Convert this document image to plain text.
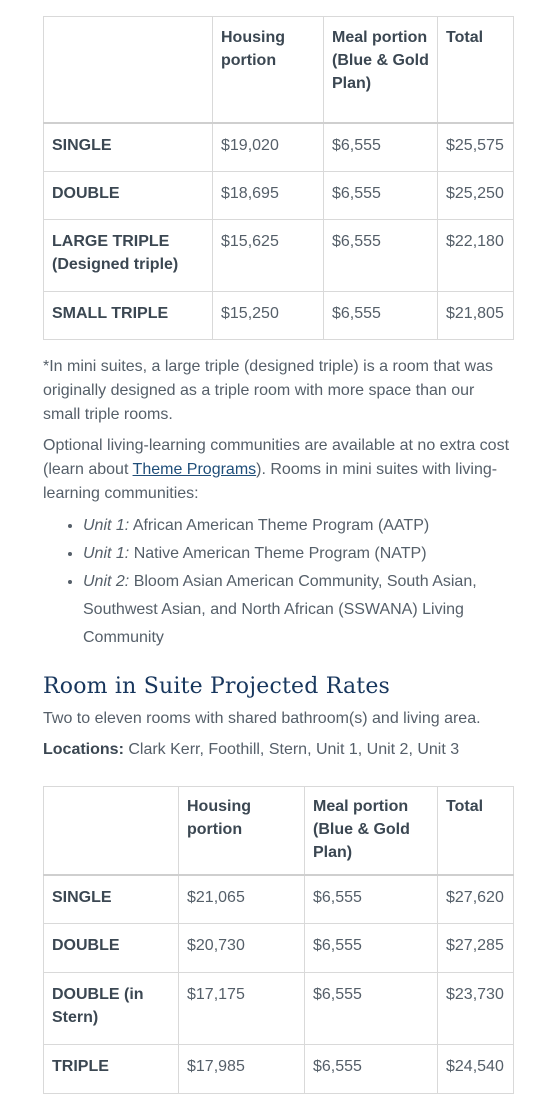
	Housing portion	Meal portion (Blue & Gold Plan)	Total
SINGLE	$19,020	$6,555	$25,575
DOUBLE	$18,695	$6,555	$25,250
LARGE TRIPLE (Designed triple)	$15,625	$6,555	$22,180
SMALL TRIPLE	$15,250	$6,555	$21,805

*In mini suites, a large triple (designed triple) is a room that was originally designed as a triple room with more space than our small triple rooms.

Optional living-learning communities are available at no extra cost (learn about Theme Programs). Rooms in mini suites with living-learning communities:

• Unit 1: African American Theme Program (AATP)
• Unit 1: Native American Theme Program (NATP)
• Unit 2: Bloom Asian American Community, South Asian, Southwest Asian, and North African (SSWANA) Living Community
Room in Suite Projected Rates

Two to eleven rooms with shared bathroom(s) and living area.

Locations: Clark Kerr, Foothill, Stern, Unit 1, Unit 2, Unit 3

	Housing portion	Meal portion (Blue & Gold Plan)	Total
SINGLE	$21,065	$6,555	$27,620
DOUBLE	$20,730	$6,555	$27,285
DOUBLE (in Stern)	$17,175	$6,555	$23,730
TRIPLE	$17,985	$6,555	$24,540
